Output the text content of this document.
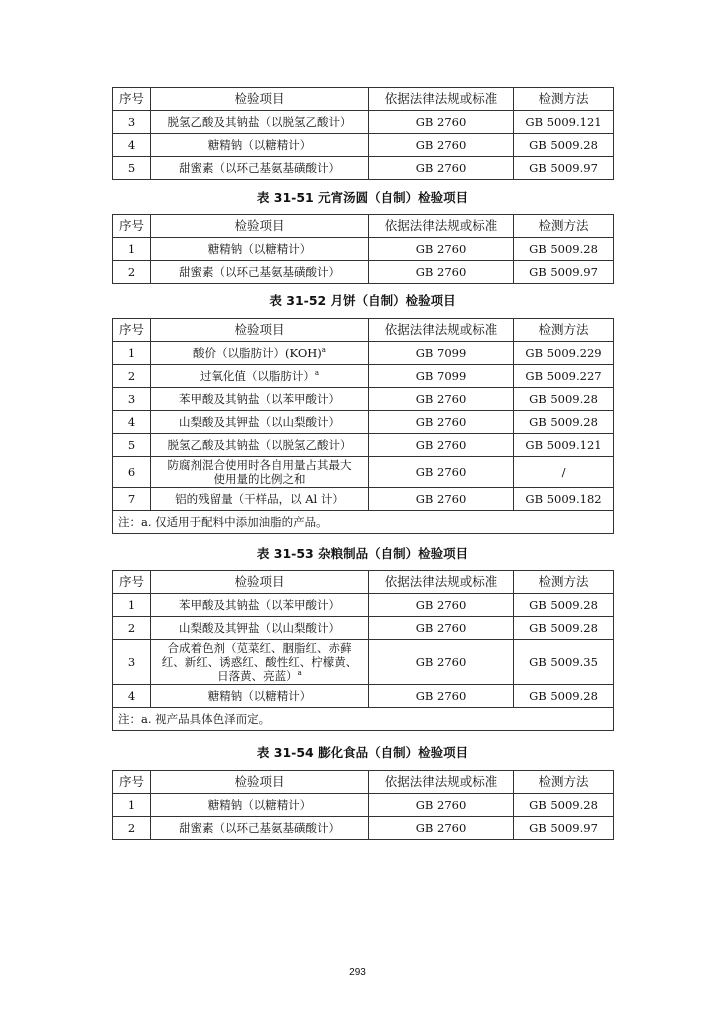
序号	检验项目	依据法律法规或标准	检测方法
3	脱氢乙酸及其钠盐（以脱氢乙酸计）	GB 2760	GB 5009.121
4	糖精钠（以糖精计）	GB 2760	GB 5009.28
5	甜蜜素（以环己基氨基磺酸计）	GB 2760	GB 5009.97
表 31-51 元宵汤圆（自制）检验项目
序号	检验项目	依据法律法规或标准	检测方法
1	糖精钠（以糖精计）	GB 2760	GB 5009.28
2	甜蜜素（以环己基氨基磺酸计）	GB 2760	GB 5009.97
表 31-52 月饼（自制）检验项目
序号	检验项目	依据法律法规或标准	检测方法
1	酸价（以脂肪计）(KOH)$^a$	GB 7099	GB 5009.229
2	过氧化值（以脂肪计）$^a$	GB 7099	GB 5009.227
3	苯甲酸及其钠盐（以苯甲酸计）	GB 2760	GB 5009.28
4	山梨酸及其钾盐（以山梨酸计）	GB 2760	GB 5009.28
5	脱氢乙酸及其钠盐（以脱氢乙酸计）	GB 2760	GB 5009.121
6	防腐剂混合使用时各自用量占其最大
使用量的比例之和	GB 2760	/
7	铝的残留量（干样品，以 Al 计）	GB 2760	GB 5009.182
注：a. 仅适用于配料中添加油脂的产品。			
表 31-53 杂粮制品（自制）检验项目
序号	检验项目	依据法律法规或标准	检测方法
1	苯甲酸及其钠盐（以苯甲酸计）	GB 2760	GB 5009.28
2	山梨酸及其钾盐（以山梨酸计）	GB 2760	GB 5009.28
3	合成着色剂（苋菜红、胭脂红、赤藓
红、新红、诱惑红、酸性红、柠檬黄、
日落黄、亮蓝）$^a$	GB 2760	GB 5009.35
4	糖精钠（以糖精计）	GB 2760	GB 5009.28
注：a. 视产品具体色泽而定。			
表 31-54 膨化食品（自制）检验项目
序号	检验项目	依据法律法规或标准	检测方法
1	糖精钠（以糖精计）	GB 2760	GB 5009.28
2	甜蜜素（以环己基氨基磺酸计）	GB 2760	GB 5009.97
293
